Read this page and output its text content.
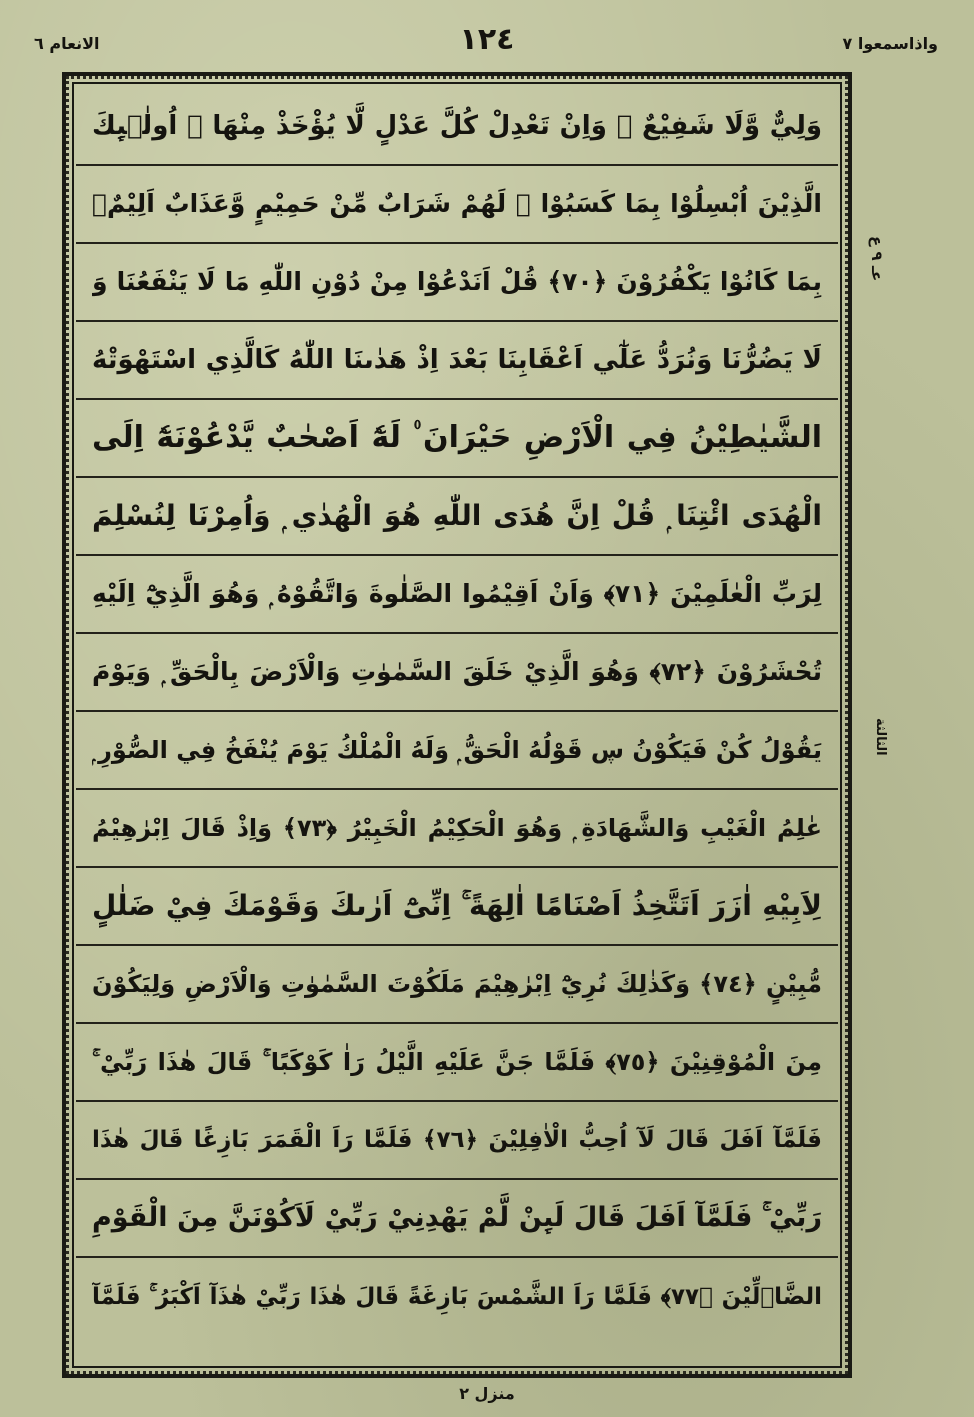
الانعام ٦	١٢٤	واذاسمعوا ٧
وَلِيٌّ وَّلَا شَفِيْعٌ ۚ وَاِنْ تَعْدِلْ كُلَّ عَدْلٍ لَّا يُؤْخَذْ مِنْهَا ۭ اُولٰۗىِٕكَ
الَّذِيْنَ اُبْسِلُوْا بِمَا كَسَبُوْا ۚ لَهُمْ شَرَابٌ مِّنْ حَمِيْمٍ وَّعَذَابٌ اَلِيْمٌۢ
بِمَا كَانُوْا يَكْفُرُوْنَ ﴿٧٠﴾ قُلْ اَنَدْعُوْا مِنْ دُوْنِ اللّٰهِ مَا لَا يَنْفَعُنَا وَ
لَا يَضُرُّنَا وَنُرَدُّ عَلٰٓي اَعْقَابِنَا بَعْدَ اِذْ هَدٰىنَا اللّٰهُ كَالَّذِي اسْتَهْوَتْهُ
الشَّيٰطِيْنُ فِي الْاَرْضِ حَيْرَانَ ۠ لَهٗٓ اَصْحٰبٌ يَّدْعُوْنَهٗٓ اِلَى
الْهُدَى ائْتِنَا ۭ قُلْ اِنَّ هُدَى اللّٰهِ هُوَ الْهُدٰي ۭ وَاُمِرْنَا لِنُسْلِمَ
لِرَبِّ الْعٰلَمِيْنَ ﴿٧١﴾ وَاَنْ اَقِيْمُوا الصَّلٰوةَ وَاتَّقُوْهُ ۭ وَهُوَ الَّذِيْٓ اِلَيْهِ
تُحْشَرُوْنَ ﴿٧٢﴾ وَهُوَ الَّذِيْ خَلَقَ السَّمٰوٰتِ وَالْاَرْضَ بِالْحَقِّ ۭ وَيَوْمَ
يَقُوْلُ كُنْ فَيَكُوْنُ ڛ قَوْلُهُ الْحَقُّ ۭ وَلَهُ الْمُلْكُ يَوْمَ يُنْفَخُ فِي الصُّوْرِ ۭ
عٰلِمُ الْغَيْبِ وَالشَّهَادَةِ ۭ وَهُوَ الْحَكِيْمُ الْخَبِيْرُ ﴿٧٣﴾ وَاِذْ قَالَ اِبْرٰهِيْمُ
لِاَبِيْهِ اٰزَرَ اَتَتَّخِذُ اَصْنَامًا اٰلِهَةً ۚ اِنِّىْٓ اَرٰىكَ وَقَوْمَكَ فِيْ ضَلٰلٍ
مُّبِيْنٍ ﴿٧٤﴾ وَكَذٰلِكَ نُرِيْٓ اِبْرٰهِيْمَ مَلَكُوْتَ السَّمٰوٰتِ وَالْاَرْضِ وَلِيَكُوْنَ
مِنَ الْمُوْقِنِيْنَ ﴿٧٥﴾ فَلَمَّا جَنَّ عَلَيْهِ الَّيْلُ رَاٰ كَوْكَبًا ۚ قَالَ هٰذَا رَبِّيْ ۚ
فَلَمَّآ اَفَلَ قَالَ لَآ اُحِبُّ الْاٰفِلِيْنَ ﴿٧٦﴾ فَلَمَّا رَاَ الْقَمَرَ بَازِغًا قَالَ هٰذَا
رَبِّيْ ۚ فَلَمَّآ اَفَلَ قَالَ لَىِٕنْ لَّمْ يَهْدِنِيْ رَبِّيْ لَاَكُوْنَنَّ مِنَ الْقَوْمِ
الضَّاۗلِّيْنَ ﴿٧٧﴾ فَلَمَّا رَاَ الشَّمْسَ بَازِغَةً قَالَ هٰذَا رَبِّيْ هٰذَآ اَكْبَرُ ۚ فَلَمَّآ
عـ ٩ ع
الثالثة
منزل ٢
